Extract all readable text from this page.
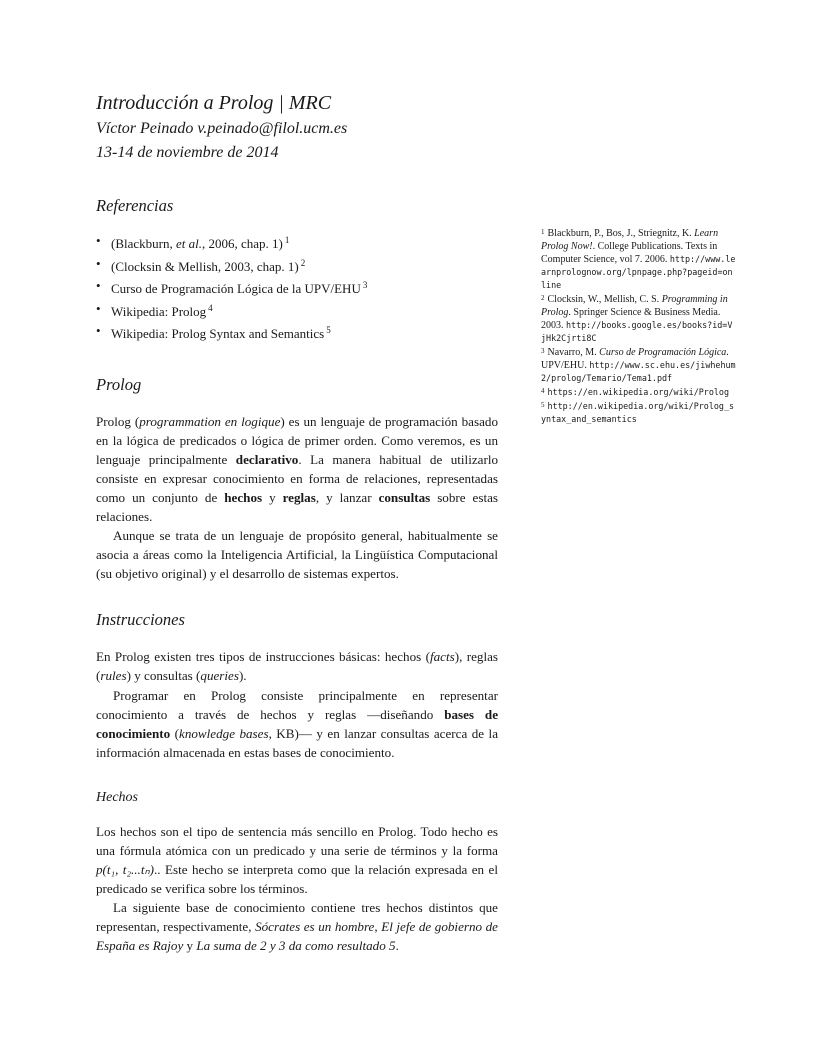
Introducción a Prolog | MRC
Víctor Peinado v.peinado@filol.ucm.es
13-14 de noviembre de 2014
Referencias
• (Blackburn, et al., 2006, chap. 1) $^1$
• (Clocksin & Mellish, 2003, chap. 1) $^2$
• Curso de Programación Lógica de la UPV/EHU $^3$
• Wikipedia: Prolog $^4$
• Wikipedia: Prolog Syntax and Semantics $^5$
Prolog

Prolog (programmation en logique) es un lenguaje de programación basado en la lógica de predicados o lógica de primer orden. Como veremos, es un lenguaje principalmente declarativo. La manera habitual de utilizarlo consiste en expresar conocimiento en forma de relaciones, representadas como un conjunto de hechos y reglas, y lanzar consultas sobre estas relaciones.

Aunque se trata de un lenguaje de propósito general, habitualmente se asocia a áreas como la Inteligencia Artificial, la Lingüística Computacional (su objetivo original) y el desarrollo de sistemas expertos.

Instrucciones

En Prolog existen tres tipos de instrucciones básicas: hechos (facts), reglas (rules) y consultas (queries).

Programar en Prolog consiste principalmente en representar conocimiento a través de hechos y reglas —diseñando bases de conocimiento (knowledge bases, KB)— y en lanzar consultas acerca de la información almacenada en estas bases de conocimiento.

Hechos

Los hechos son el tipo de sentencia más sencillo en Prolog. Todo hecho es una fórmula atómica con un predicado y una serie de términos y la forma p(t₁, t₂...tₙ).. Este hecho se interpreta como que la relación expresada en el predicado se verifica sobre los términos.

La siguiente base de conocimiento contiene tres hechos distintos que representan, respectivamente, Sócrates es un hombre, El jefe de gobierno de España es Rajoy y La suma de 2 y 3 da como resultado 5.

$^1$ Blackburn, P., Bos, J., Striegnitz, K. Learn Prolog Now!. College Publications. Texts in Computer Science, vol 7. 2006. http://www.learnprolognow.org/lpnpage.php?pageid=online
$^2$ Clocksin, W., Mellish, C. S. Programming in Prolog. Springer Science & Business Media. 2003. http://books.google.es/books?id=VjHk2Cjrti8C
$^3$ Navarro, M. Curso de Programación Lógica. UPV/EHU. http://www.sc.ehu.es/jiwhehum2/prolog/Temario/Tema1.pdf
$^4$ https://en.wikipedia.org/wiki/Prolog
$^5$ http://en.wikipedia.org/wiki/Prolog_syntax_and_semantics
